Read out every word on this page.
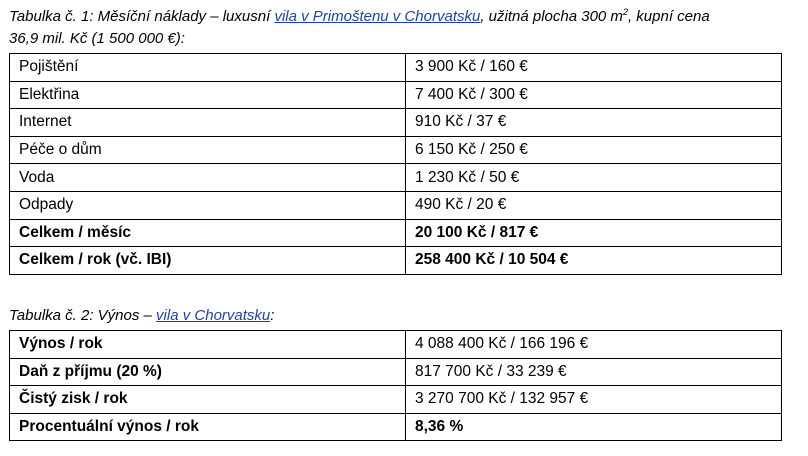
Tabulka č. 1: Měsíční náklady – luxusní vila v Primoštenu v Chorvatsku, užitná plocha 300 $m^2$, kupní cena
36,9 mil. Kč (1 500 000 €):
Pojištění	3 900 Kč / 160 €
Elektřina	7 400 Kč / 300 €
Internet	910 Kč / 37 €
Péče o dům	6 150 Kč / 250 €
Voda	1 230 Kč / 50 €
Odpady	490 Kč / 20 €
Celkem / měsíc	20 100 Kč / 817 €
Celkem / rok (vč. IBI)	258 400 Kč / 10 504 €
Tabulka č. 2: Výnos – vila v Chorvatsku:
Výnos / rok	4 088 400 Kč / 166 196 €
Daň z příjmu (20 %)	817 700 Kč / 33 239 €
Čistý zisk / rok	3 270 700 Kč / 132 957 €
Procentuální výnos / rok	8,36 %
